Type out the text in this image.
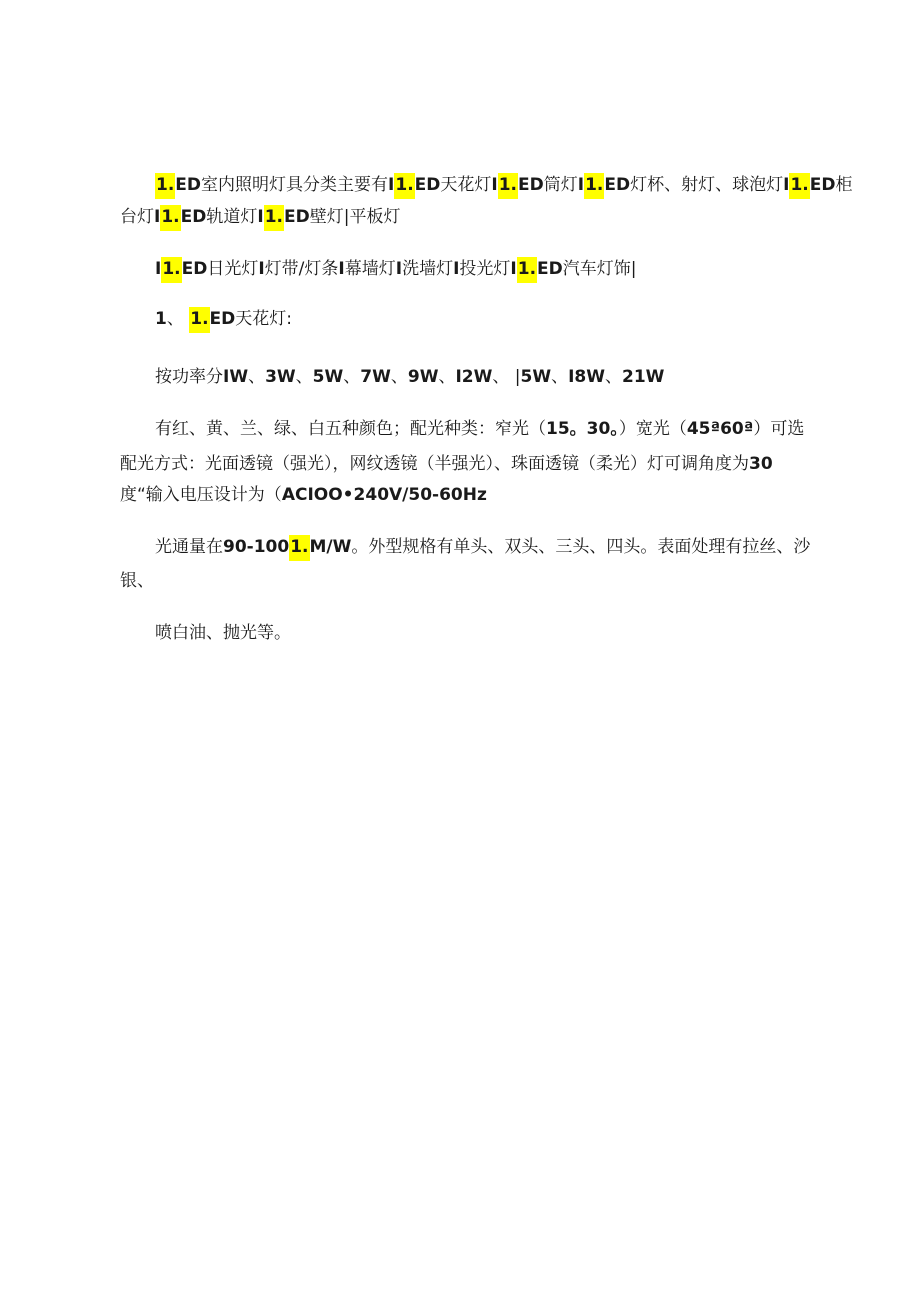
1.ED室内照明灯具分类主要有I1.ED天花灯I1.ED筒灯I1.ED灯杯、射灯、球泡灯I1.ED柜
台灯I1.ED轨道灯I1.ED壁灯|平板灯
I1.ED日光灯I灯带/灯条I幕墙灯I洗墙灯I投光灯I1.ED汽车灯饰|
1、 1.ED天花灯:
按功率分IW、3W、5W、7W、9W、I2W、 |5W、I8W、21W
有红、黄、兰、绿、白五种颜色；配光种类：窄光（15。30。）宽光（45ª60ª）可选
配光方式：光面透镜（强光），网纹透镜（半强光）、珠面透镜（柔光）灯可调角度为30
度“输入电压设计为（ACIOO•240V/50-60Hz
光通量在90-1001.M/W。外型规格有单头、双头、三头、四头。表面处理有拉丝、沙
银、
喷白油、抛光等。
